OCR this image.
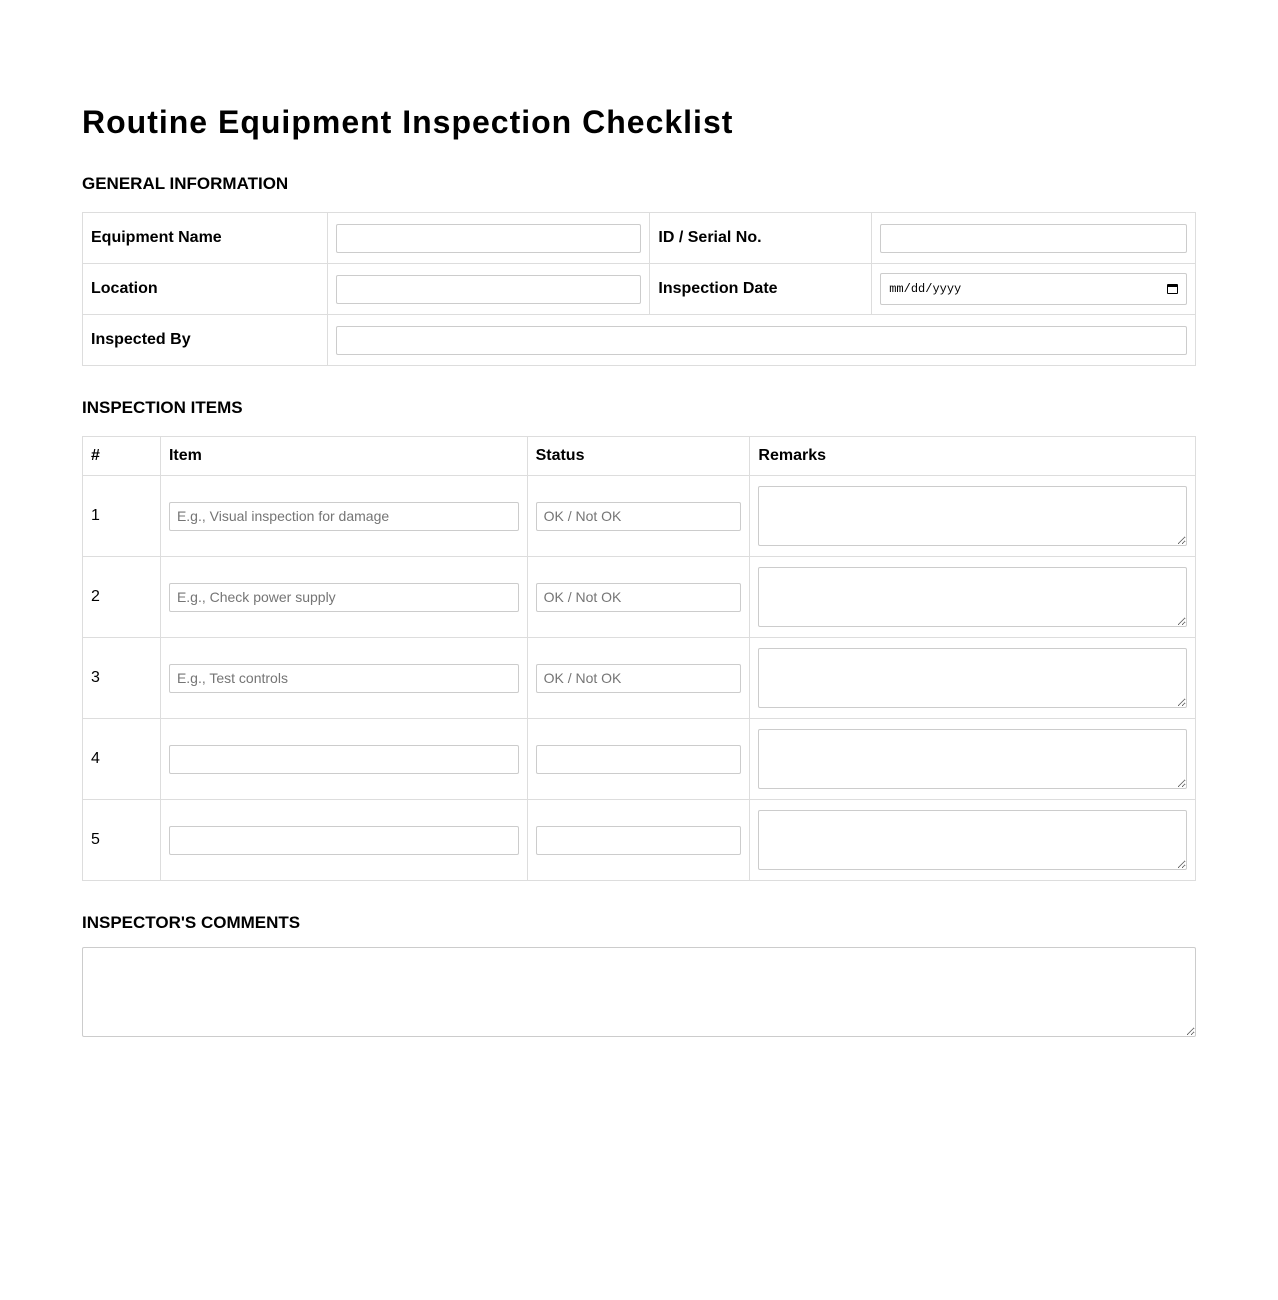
Routine Equipment Inspection Checklist
GENERAL INFORMATION
Equipment Name		ID / Serial No.	
Location		Inspection Date	mm/dd/yyyy

Inspected By	
INSPECTION ITEMS
#	Item	Status	Remarks
1	E.g., Visual inspection for damage	OK / Not OK	

2	E.g., Check power supply	OK / Not OK	

3	E.g., Test controls	OK / Not OK	

4			

5			
INSPECTOR'S COMMENTS
